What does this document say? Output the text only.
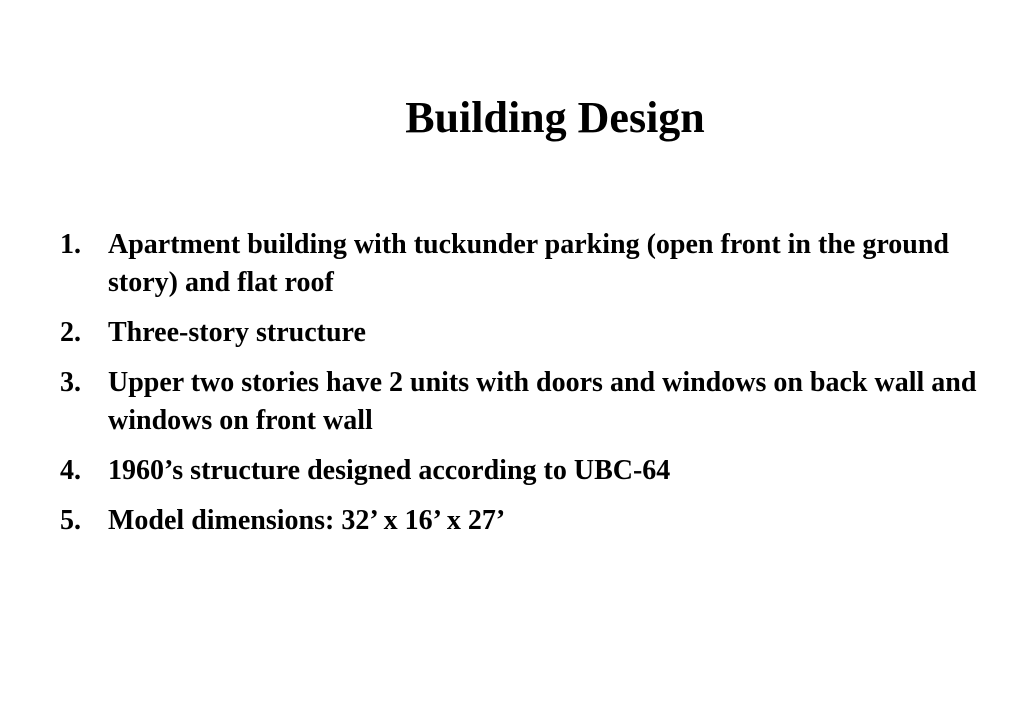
Building Design
1. Apartment building with tuckunder parking (open front in the ground story) and flat roof
2. Three-story structure
3. Upper two stories have 2 units with doors and windows on back wall and windows on front wall
4. 1960’s structure designed according to UBC-64
5. Model dimensions: 32’ x 16’ x 27’
